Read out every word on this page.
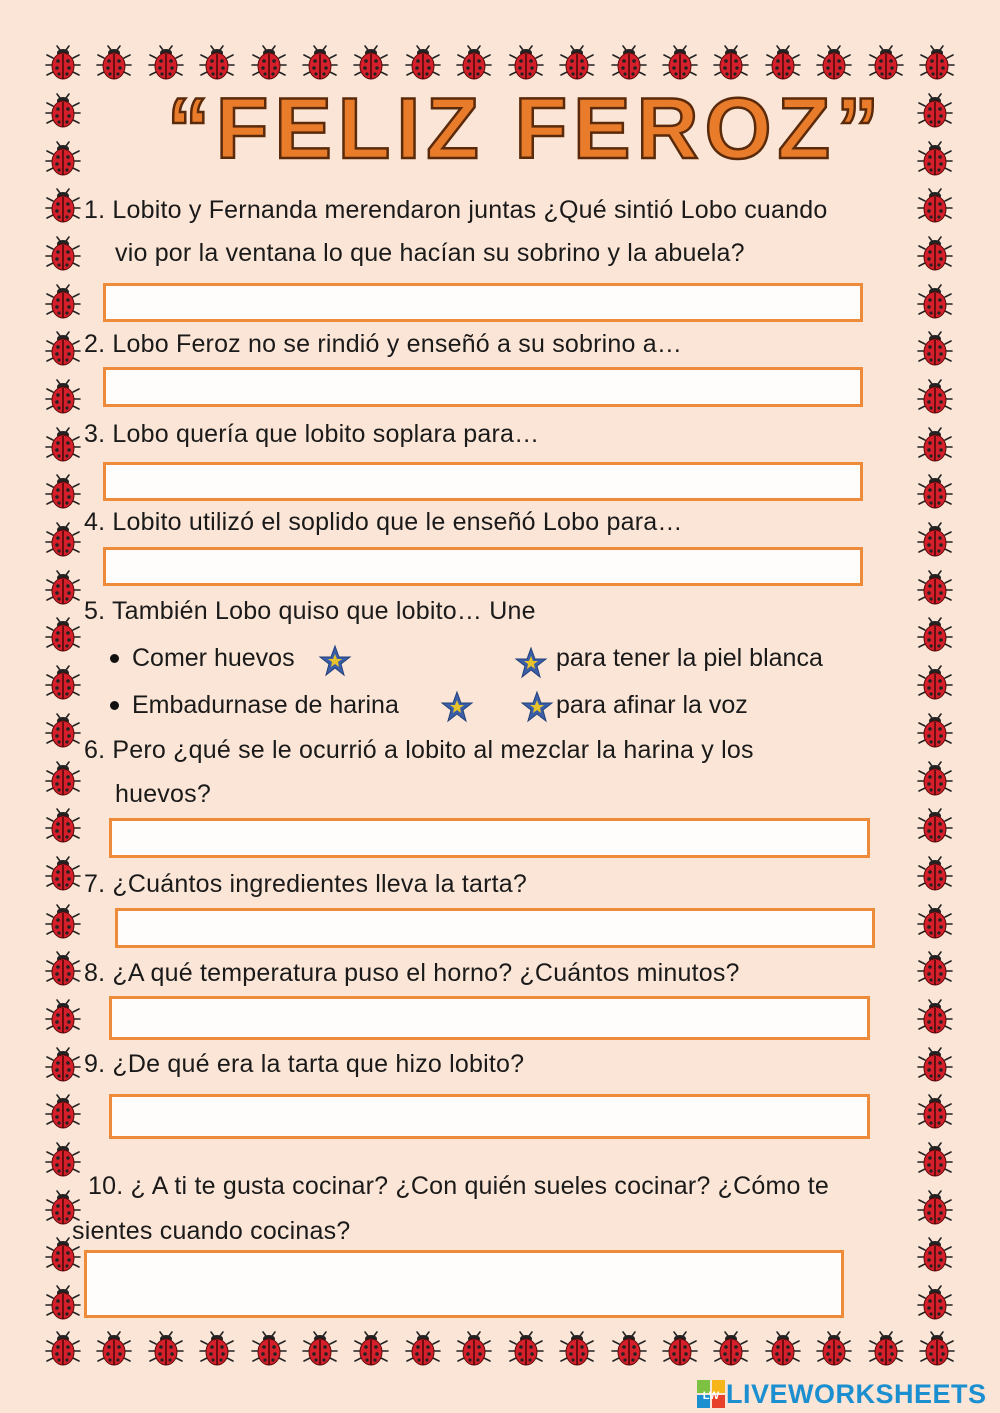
“FELIZ FEROZ”
1. Lobito y Fernanda merendaron juntas ¿Qué sintió Lobo cuando
vio por la ventana lo que hacían su sobrino y la abuela?
2. Lobo Feroz no se rindió y enseñó a su sobrino a…
3. Lobo quería que lobito soplara para…
4. Lobito utilizó el soplido que le enseñó Lobo para…
5. También Lobo quiso que lobito… Une
Comer huevos	para tener la piel blanca
Embadurnase de harina	para afinar la voz
6. Pero ¿qué se le ocurrió a lobito al mezclar la harina y los
huevos?
7. ¿Cuántos ingredientes lleva la tarta?
8. ¿A qué temperatura puso el horno? ¿Cuántos minutos?
9. ¿De qué era la tarta que hizo lobito?
10. ¿ A ti te gusta cocinar? ¿Con quién sueles cocinar? ¿Cómo te
sientes cuando cocinas?
LW LIVEWORKSHEETS
